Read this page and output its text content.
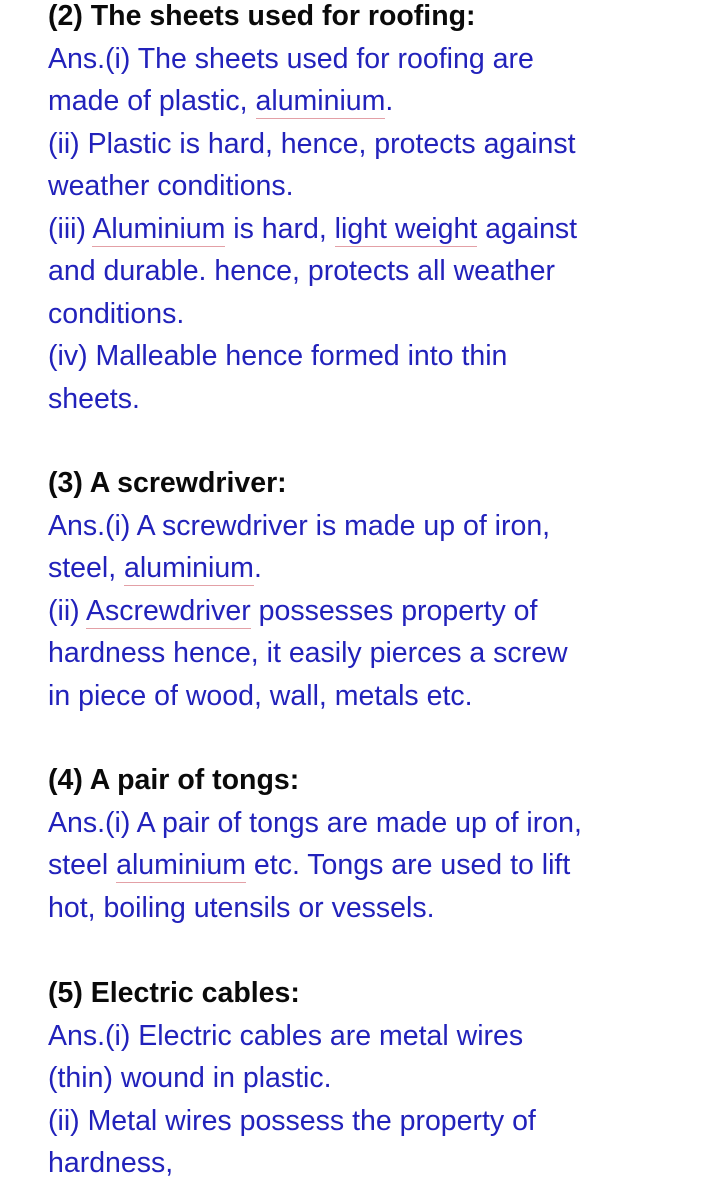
(2) The sheets used for roofing:
Ans.(i) The sheets used for roofing are
made of plastic, aluminium.
(ii) Plastic is hard, hence, protects against
weather conditions.
(iii) Aluminium is hard, light weight against
and durable. hence, protects all weather
conditions.
(iv) Malleable hence formed into thin
sheets.
(3) A screwdriver:
Ans.(i) A screwdriver is made up of iron,
steel, aluminium.
(ii) Ascrewdriver possesses property of
hardness hence, it easily pierces a screw
in piece of wood, wall, metals etc.
(4) A pair of tongs:
Ans.(i) A pair of tongs are made up of iron,
steel aluminium etc. Tongs are used to lift
hot, boiling utensils or vessels.
(5) Electric cables:
Ans.(i) Electric cables are metal wires
(thin) wound in plastic.
(ii) Metal wires possess the property of
hardness,
